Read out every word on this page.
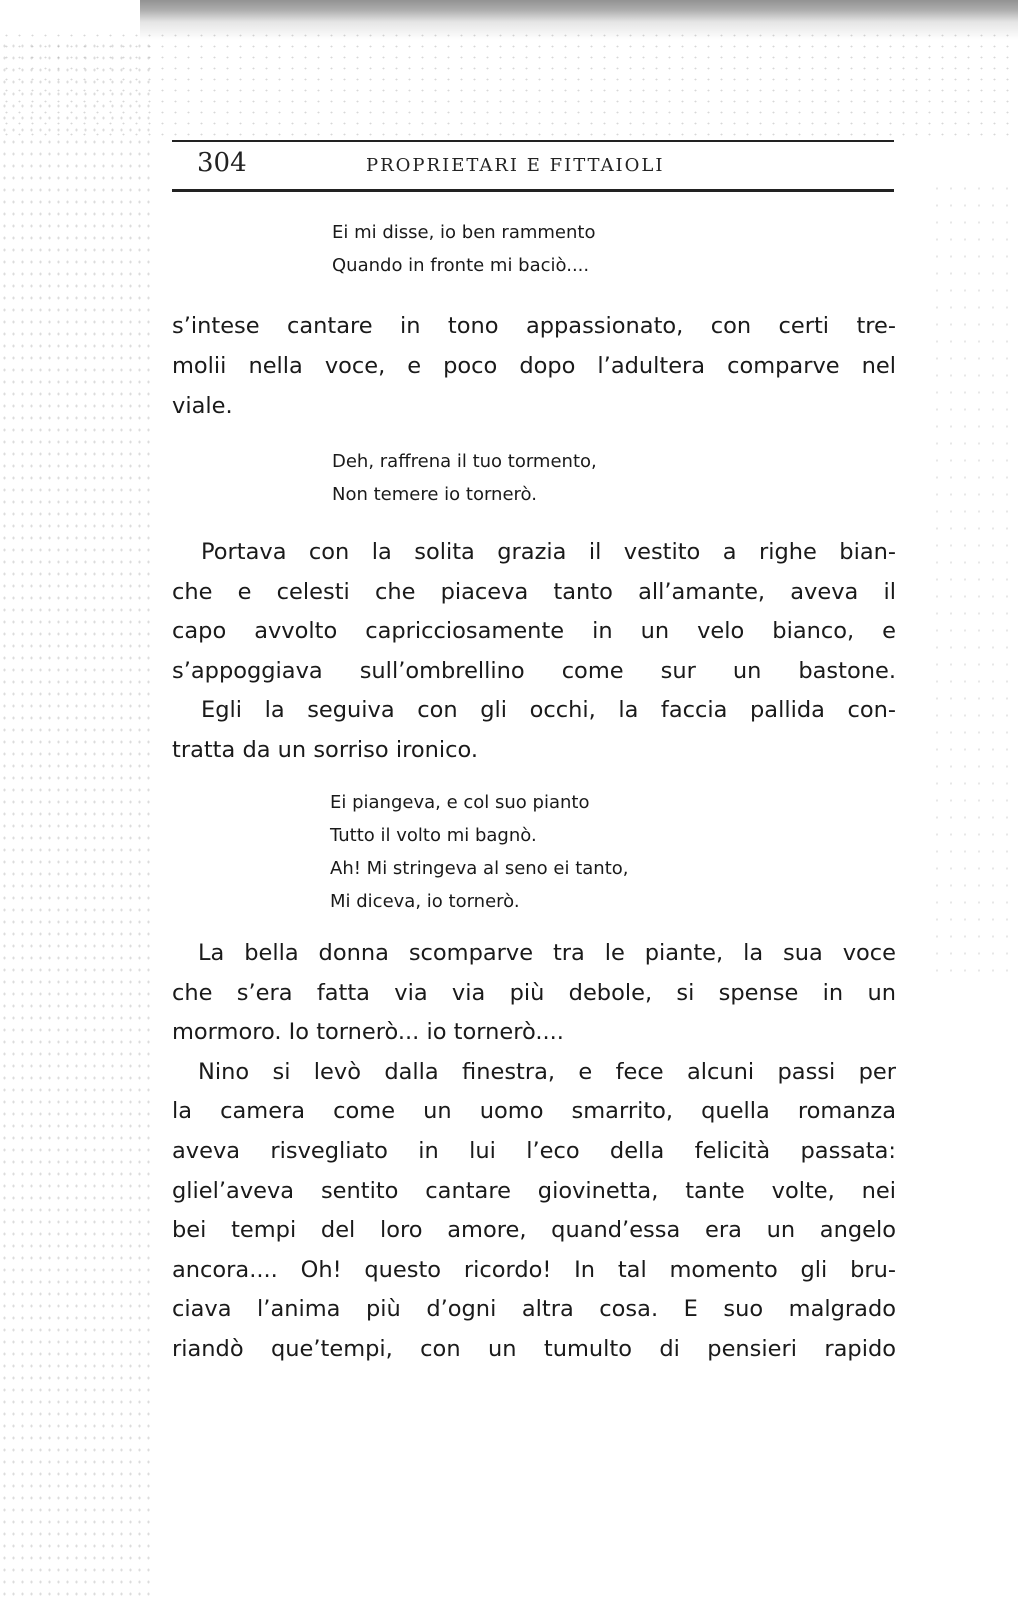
304	PROPRIETARI E FITTAIOLI
Ei mi disse, io ben rammento
Quando in fronte mi baciò....
s’intese cantare in tono appassionato, con certi tre-
molii nella voce, e poco dopo l’adultera comparve nel
viale.
Deh, raffrena il tuo tormento,
Non temere io tornerò.
Portava con la solita grazia il vestito a righe bian-
che e celesti che piaceva tanto all’amante, aveva il
capo avvolto capricciosamente in un velo bianco, e
s’appoggiava sull’ombrellino come sur un bastone.
Egli la seguiva con gli occhi, la faccia pallida con-
tratta da un sorriso ironico.
Ei piangeva, e col suo pianto
Tutto il volto mi bagnò.
Ah! Mi stringeva al seno ei tanto,
Mi diceva, io tornerò.
La bella donna scomparve tra le piante, la sua voce
che s’era fatta via via più debole, si spense in un
mormoro. Io tornerò... io tornerò....
Nino si levò dalla finestra, e fece alcuni passi per
la camera come un uomo smarrito, quella romanza
aveva risvegliato in lui l’eco della felicità passata:
gliel’aveva sentito cantare giovinetta, tante volte, nei
bei tempi del loro amore, quand’essa era un angelo
ancora.... Oh! questo ricordo! In tal momento gli bru-
ciava l’anima più d’ogni altra cosa. E suo malgrado
riandò que’tempi, con un tumulto di pensieri rapido
